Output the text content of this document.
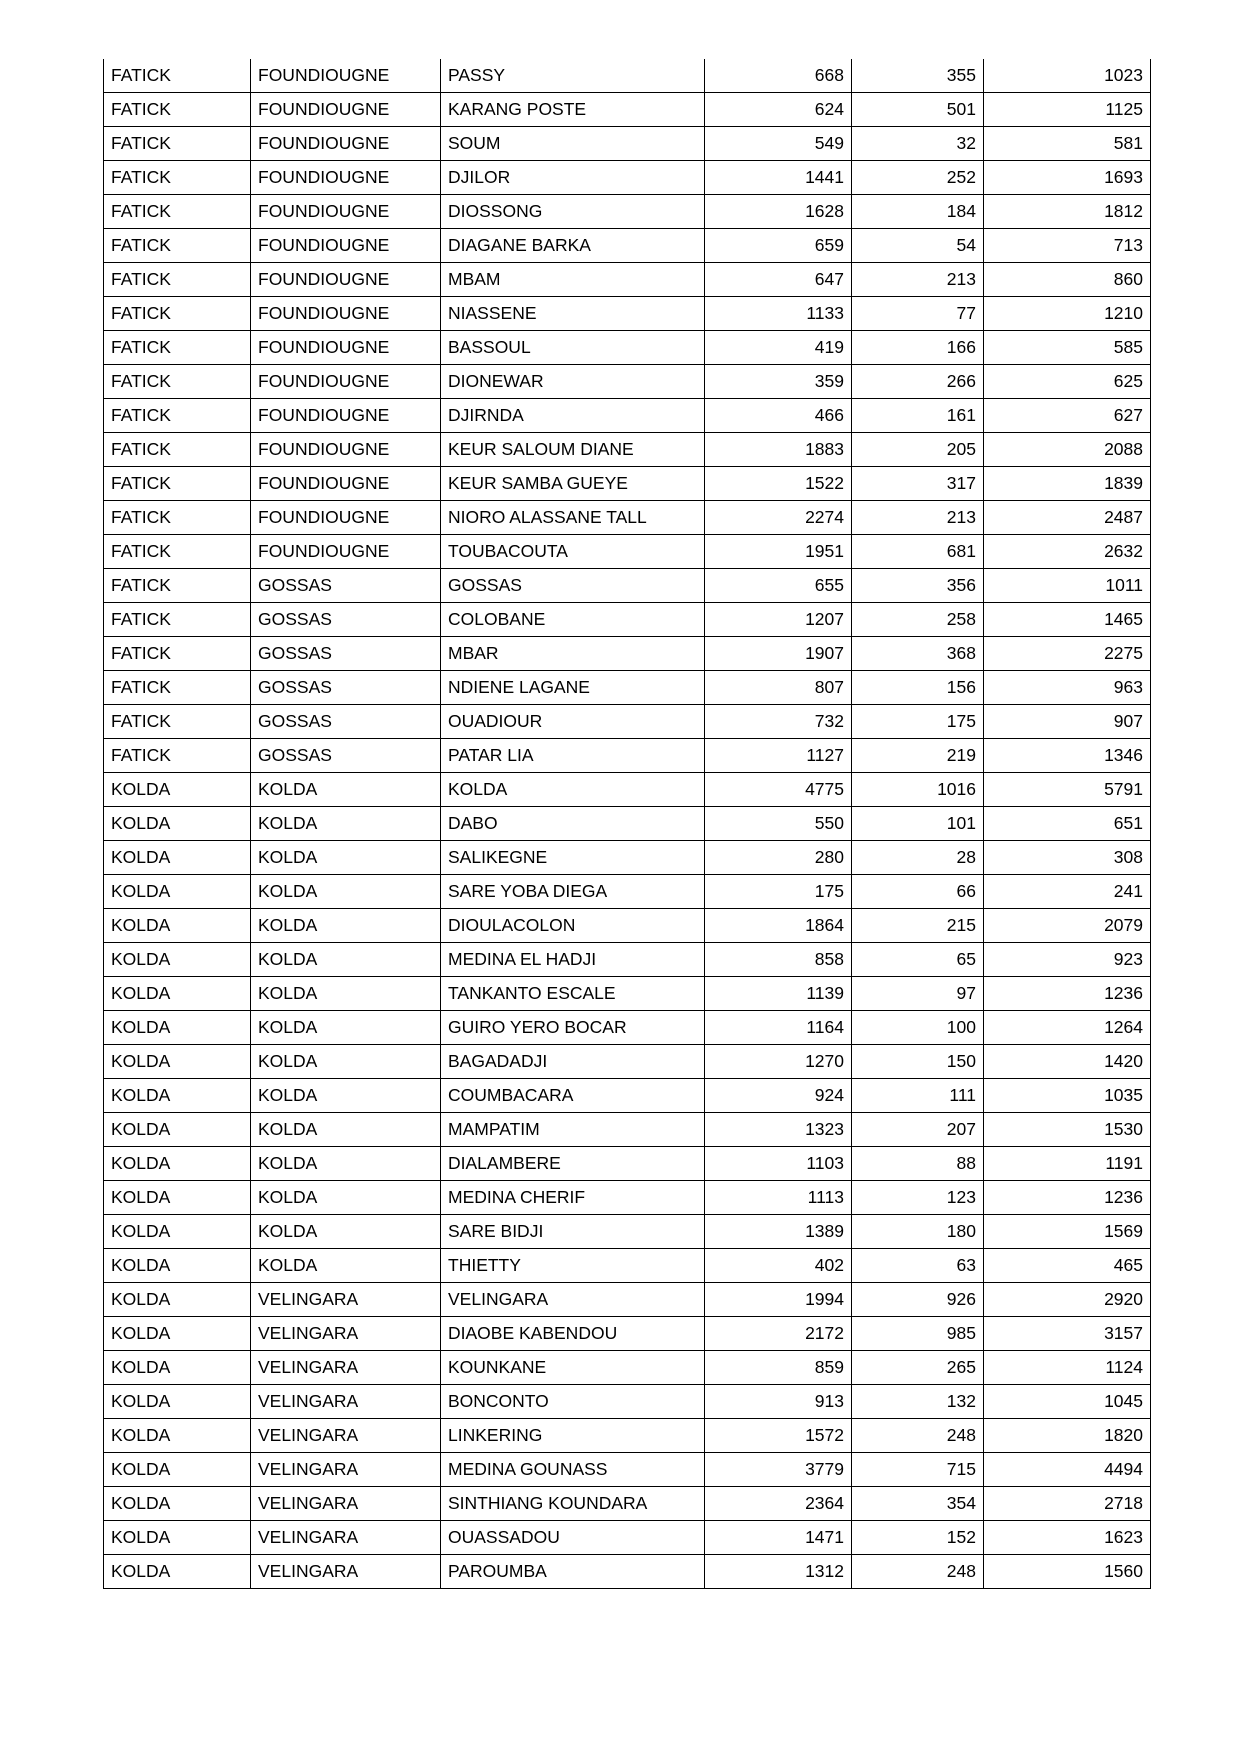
FATICK	FOUNDIOUGNE	PASSY	668	355	1023
FATICK	FOUNDIOUGNE	KARANG POSTE	624	501	1125
FATICK	FOUNDIOUGNE	SOUM	549	32	581
FATICK	FOUNDIOUGNE	DJILOR	1441	252	1693
FATICK	FOUNDIOUGNE	DIOSSONG	1628	184	1812
FATICK	FOUNDIOUGNE	DIAGANE BARKA	659	54	713
FATICK	FOUNDIOUGNE	MBAM	647	213	860
FATICK	FOUNDIOUGNE	NIASSENE	1133	77	1210
FATICK	FOUNDIOUGNE	BASSOUL	419	166	585
FATICK	FOUNDIOUGNE	DIONEWAR	359	266	625
FATICK	FOUNDIOUGNE	DJIRNDA	466	161	627
FATICK	FOUNDIOUGNE	KEUR SALOUM DIANE	1883	205	2088
FATICK	FOUNDIOUGNE	KEUR SAMBA GUEYE	1522	317	1839
FATICK	FOUNDIOUGNE	NIORO ALASSANE TALL	2274	213	2487
FATICK	FOUNDIOUGNE	TOUBACOUTA	1951	681	2632
FATICK	GOSSAS	GOSSAS	655	356	1011
FATICK	GOSSAS	COLOBANE	1207	258	1465
FATICK	GOSSAS	MBAR	1907	368	2275
FATICK	GOSSAS	NDIENE LAGANE	807	156	963
FATICK	GOSSAS	OUADIOUR	732	175	907
FATICK	GOSSAS	PATAR LIA	1127	219	1346
KOLDA	KOLDA	KOLDA	4775	1016	5791
KOLDA	KOLDA	DABO	550	101	651
KOLDA	KOLDA	SALIKEGNE	280	28	308
KOLDA	KOLDA	SARE YOBA DIEGA	175	66	241
KOLDA	KOLDA	DIOULACOLON	1864	215	2079
KOLDA	KOLDA	MEDINA EL HADJI	858	65	923
KOLDA	KOLDA	TANKANTO ESCALE	1139	97	1236
KOLDA	KOLDA	GUIRO YERO BOCAR	1164	100	1264
KOLDA	KOLDA	BAGADADJI	1270	150	1420
KOLDA	KOLDA	COUMBACARA	924	111	1035
KOLDA	KOLDA	MAMPATIM	1323	207	1530
KOLDA	KOLDA	DIALAMBERE	1103	88	1191
KOLDA	KOLDA	MEDINA CHERIF	1113	123	1236
KOLDA	KOLDA	SARE BIDJI	1389	180	1569
KOLDA	KOLDA	THIETTY	402	63	465
KOLDA	VELINGARA	VELINGARA	1994	926	2920
KOLDA	VELINGARA	DIAOBE KABENDOU	2172	985	3157
KOLDA	VELINGARA	KOUNKANE	859	265	1124
KOLDA	VELINGARA	BONCONTO	913	132	1045
KOLDA	VELINGARA	LINKERING	1572	248	1820
KOLDA	VELINGARA	MEDINA GOUNASS	3779	715	4494
KOLDA	VELINGARA	SINTHIANG KOUNDARA	2364	354	2718
KOLDA	VELINGARA	OUASSADOU	1471	152	1623
KOLDA	VELINGARA	PAROUMBA	1312	248	1560
